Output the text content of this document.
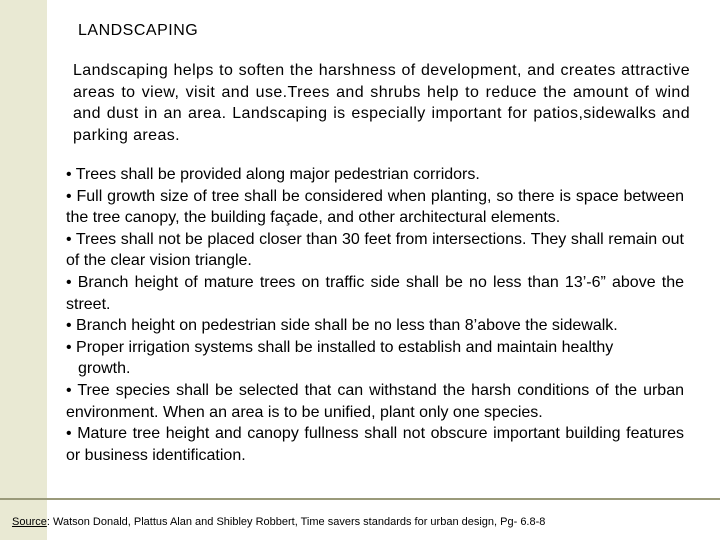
LANDSCAPING
Landscaping helps to soften the harshness of development, and creates attractive areas to view, visit and use.Trees and shrubs help to reduce the amount of wind and dust in an area. Landscaping is especially important for patios,sidewalks and parking areas.
• Trees shall be provided along major pedestrian corridors.
• Full growth size of tree shall be considered when planting, so there is space between the tree canopy, the building façade, and other architectural elements.
• Trees shall not be placed closer than 30 feet from intersections. They shall remain out of the clear vision triangle.
• Branch height of mature trees on traffic side shall be no less than 13’-6” above the street.
• Branch height on pedestrian side shall be no less than 8’above the sidewalk.
• Proper irrigation systems shall be installed to establish and maintain healthy
growth.
• Tree species shall be selected that can withstand the harsh conditions of the urban environment. When an area is to be unified, plant only one species.
• Mature tree height and canopy fullness shall not obscure important building features or business identification.
Source: Watson Donald, Plattus Alan and Shibley Robbert, Time savers standards for urban design, Pg- 6.8-8
